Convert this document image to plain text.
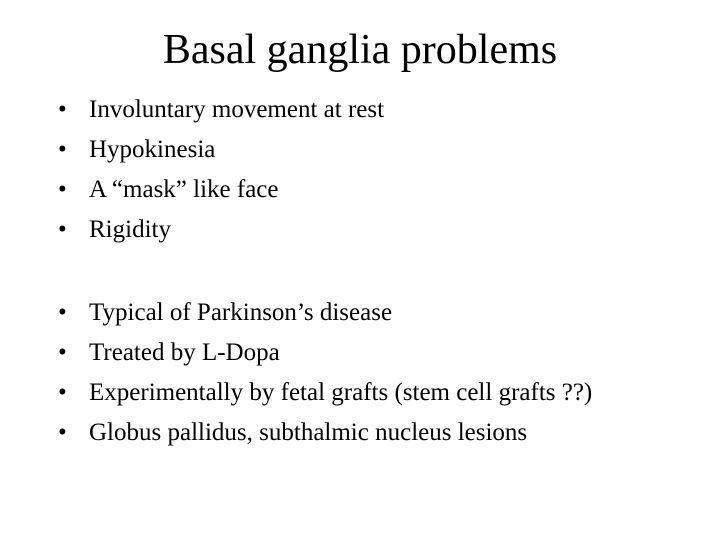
Basal ganglia problems
• Involuntary movement at rest
• Hypokinesia
• A “mask” like face
• Rigidity
• Typical of Parkinson’s disease
• Treated by L-Dopa
• Experimentally by fetal grafts (stem cell grafts ??)
• Globus pallidus, subthalmic nucleus lesions
